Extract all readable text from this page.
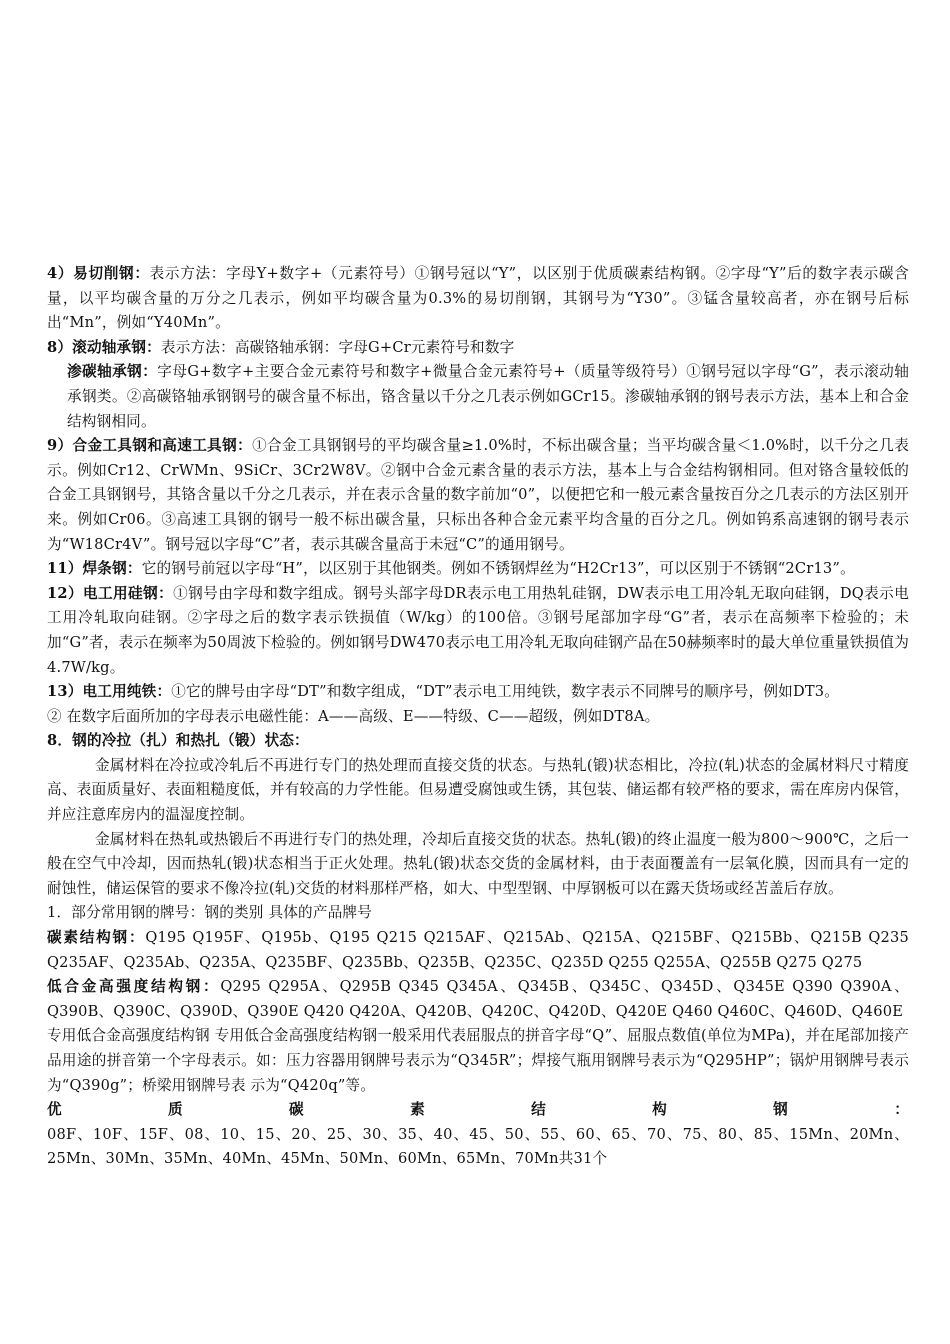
4）易切削钢：表示方法：字母Y+数字+（元素符号）①钢号冠以“Y”，以区别于优质碳素结构钢。②字母“Y”后的数字表示碳含量，以平均碳含量的万分之几表示，例如平均碳含量为0.3%的易切削钢，其钢号为“Y30”。③锰含量较高者，亦在钢号后标出“Mn”，例如“Y40Mn”。

8）滚动轴承钢：表示方法：高碳铬轴承钢：字母G+Cr元素符号和数字

渗碳轴承钢：字母G+数字+主要合金元素符号和数字+微量合金元素符号+（质量等级符号）①钢号冠以字母“G”，表示滚动轴承钢类。②高碳铬轴承钢钢号的碳含量不标出，铬含量以千分之几表示例如GCr15。渗碳轴承钢的钢号表示方法，基本上和合金结构钢相同。

9）合金工具钢和高速工具钢：①合金工具钢钢号的平均碳含量≥1.0%时，不标出碳含量；当平均碳含量＜1.0%时，以千分之几表示。例如Cr12、CrWMn、9SiCr、3Cr2W8V。②钢中合金元素含量的表示方法，基本上与合金结构钢相同。但对铬含量较低的合金工具钢钢号，其铬含量以千分之几表示，并在表示含量的数字前加“0”，以便把它和一般元素含量按百分之几表示的方法区别开来。例如Cr06。③高速工具钢的钢号一般不标出碳含量，只标出各种合金元素平均含量的百分之几。例如钨系高速钢的钢号表示为“W18Cr4V”。钢号冠以字母“C”者，表示其碳含量高于未冠“C”的通用钢号。

11）焊条钢：它的钢号前冠以字母“H”，以区别于其他钢类。例如不锈钢焊丝为“H2Cr13”，可以区别于不锈钢“2Cr13”。

12）电工用硅钢：①钢号由字母和数字组成。钢号头部字母DR表示电工用热轧硅钢，DW表示电工用冷轧无取向硅钢，DQ表示电工用冷轧取向硅钢。②字母之后的数字表示铁损值（W/kg）的100倍。③钢号尾部加字母“G”者，表示在高频率下检验的；未加“G”者，表示在频率为50周波下检验的。例如钢号DW470表示电工用冷轧无取向硅钢产品在50赫频率时的最大单位重量铁损值为4.7W/kg。

13）电工用纯铁：①它的牌号由字母“DT”和数字组成，“DT”表示电工用纯铁，数字表示不同牌号的顺序号，例如DT3。

② 在数字后面所加的字母表示电磁性能：A——高级、E——特级、C——超级，例如DT8A。

8．钢的冷拉（扎）和热扎（锻）状态：

金属材料在冷拉或冷轧后不再进行专门的热处理而直接交货的状态。与热轧(锻)状态相比，冷拉(轧)状态的金属材料尺寸精度高、表面质量好、表面粗糙度低，并有较高的力学性能。但易遭受腐蚀或生锈，其包装、储运都有较严格的要求，需在库房内保管，并应注意库房内的温湿度控制。

金属材料在热轧或热锻后不再进行专门的热处理，冷却后直接交货的状态。热轧(锻)的终止温度一般为800～900℃，之后一般在空气中冷却，因而热轧(锻)状态相当于正火处理。热轧(锻)状态交货的金属材料，由于表面覆盖有一层氧化膜，因而具有一定的耐蚀性，储运保管的要求不像冷拉(轧)交货的材料那样严格，如大、中型型钢、中厚钢板可以在露天货场或经苫盖后存放。

1．部分常用钢的牌号：钢的类别 具体的产品牌号

碳素结构钢：Q195 Q195F、Q195b、Q195 Q215 Q215AF、Q215Ab、Q215A、Q215BF、Q215Bb、Q215B Q235 Q235AF、Q235Ab、Q235A、Q235BF、Q235Bb、Q235B、Q235C、Q235D Q255 Q255A、Q255B Q275 Q275

低合金高强度结构钢：Q295 Q295A、Q295B Q345 Q345A、Q345B、Q345C、Q345D、Q345E Q390 Q390A、Q390B、Q390C、Q390D、Q390E Q420 Q420A、Q420B、Q420C、Q420D、Q420E Q460 Q460C、Q460D、Q460E

专用低合金高强度结构钢 专用低合金高强度结构钢一般采用代表屈服点的拼音字母“Q”、屈服点数值(单位为MPa)，并在尾部加接产品用途的拼音第一个字母表示。如：压力容器用钢牌号表示为“Q345R”；焊接气瓶用钢牌号表示为“Q295HP”；锅炉用钢牌号表示为“Q390g”；桥梁用钢牌号表 示为“Q420q”等。

优质碳素结构钢：

08F、10F、15F、08、10、15、20、25、30、35、40、45、50、55、60、65、70、75、80、85、15Mn、20Mn、25Mn、30Mn、35Mn、40Mn、45Mn、50Mn、60Mn、65Mn、70Mn共31个
